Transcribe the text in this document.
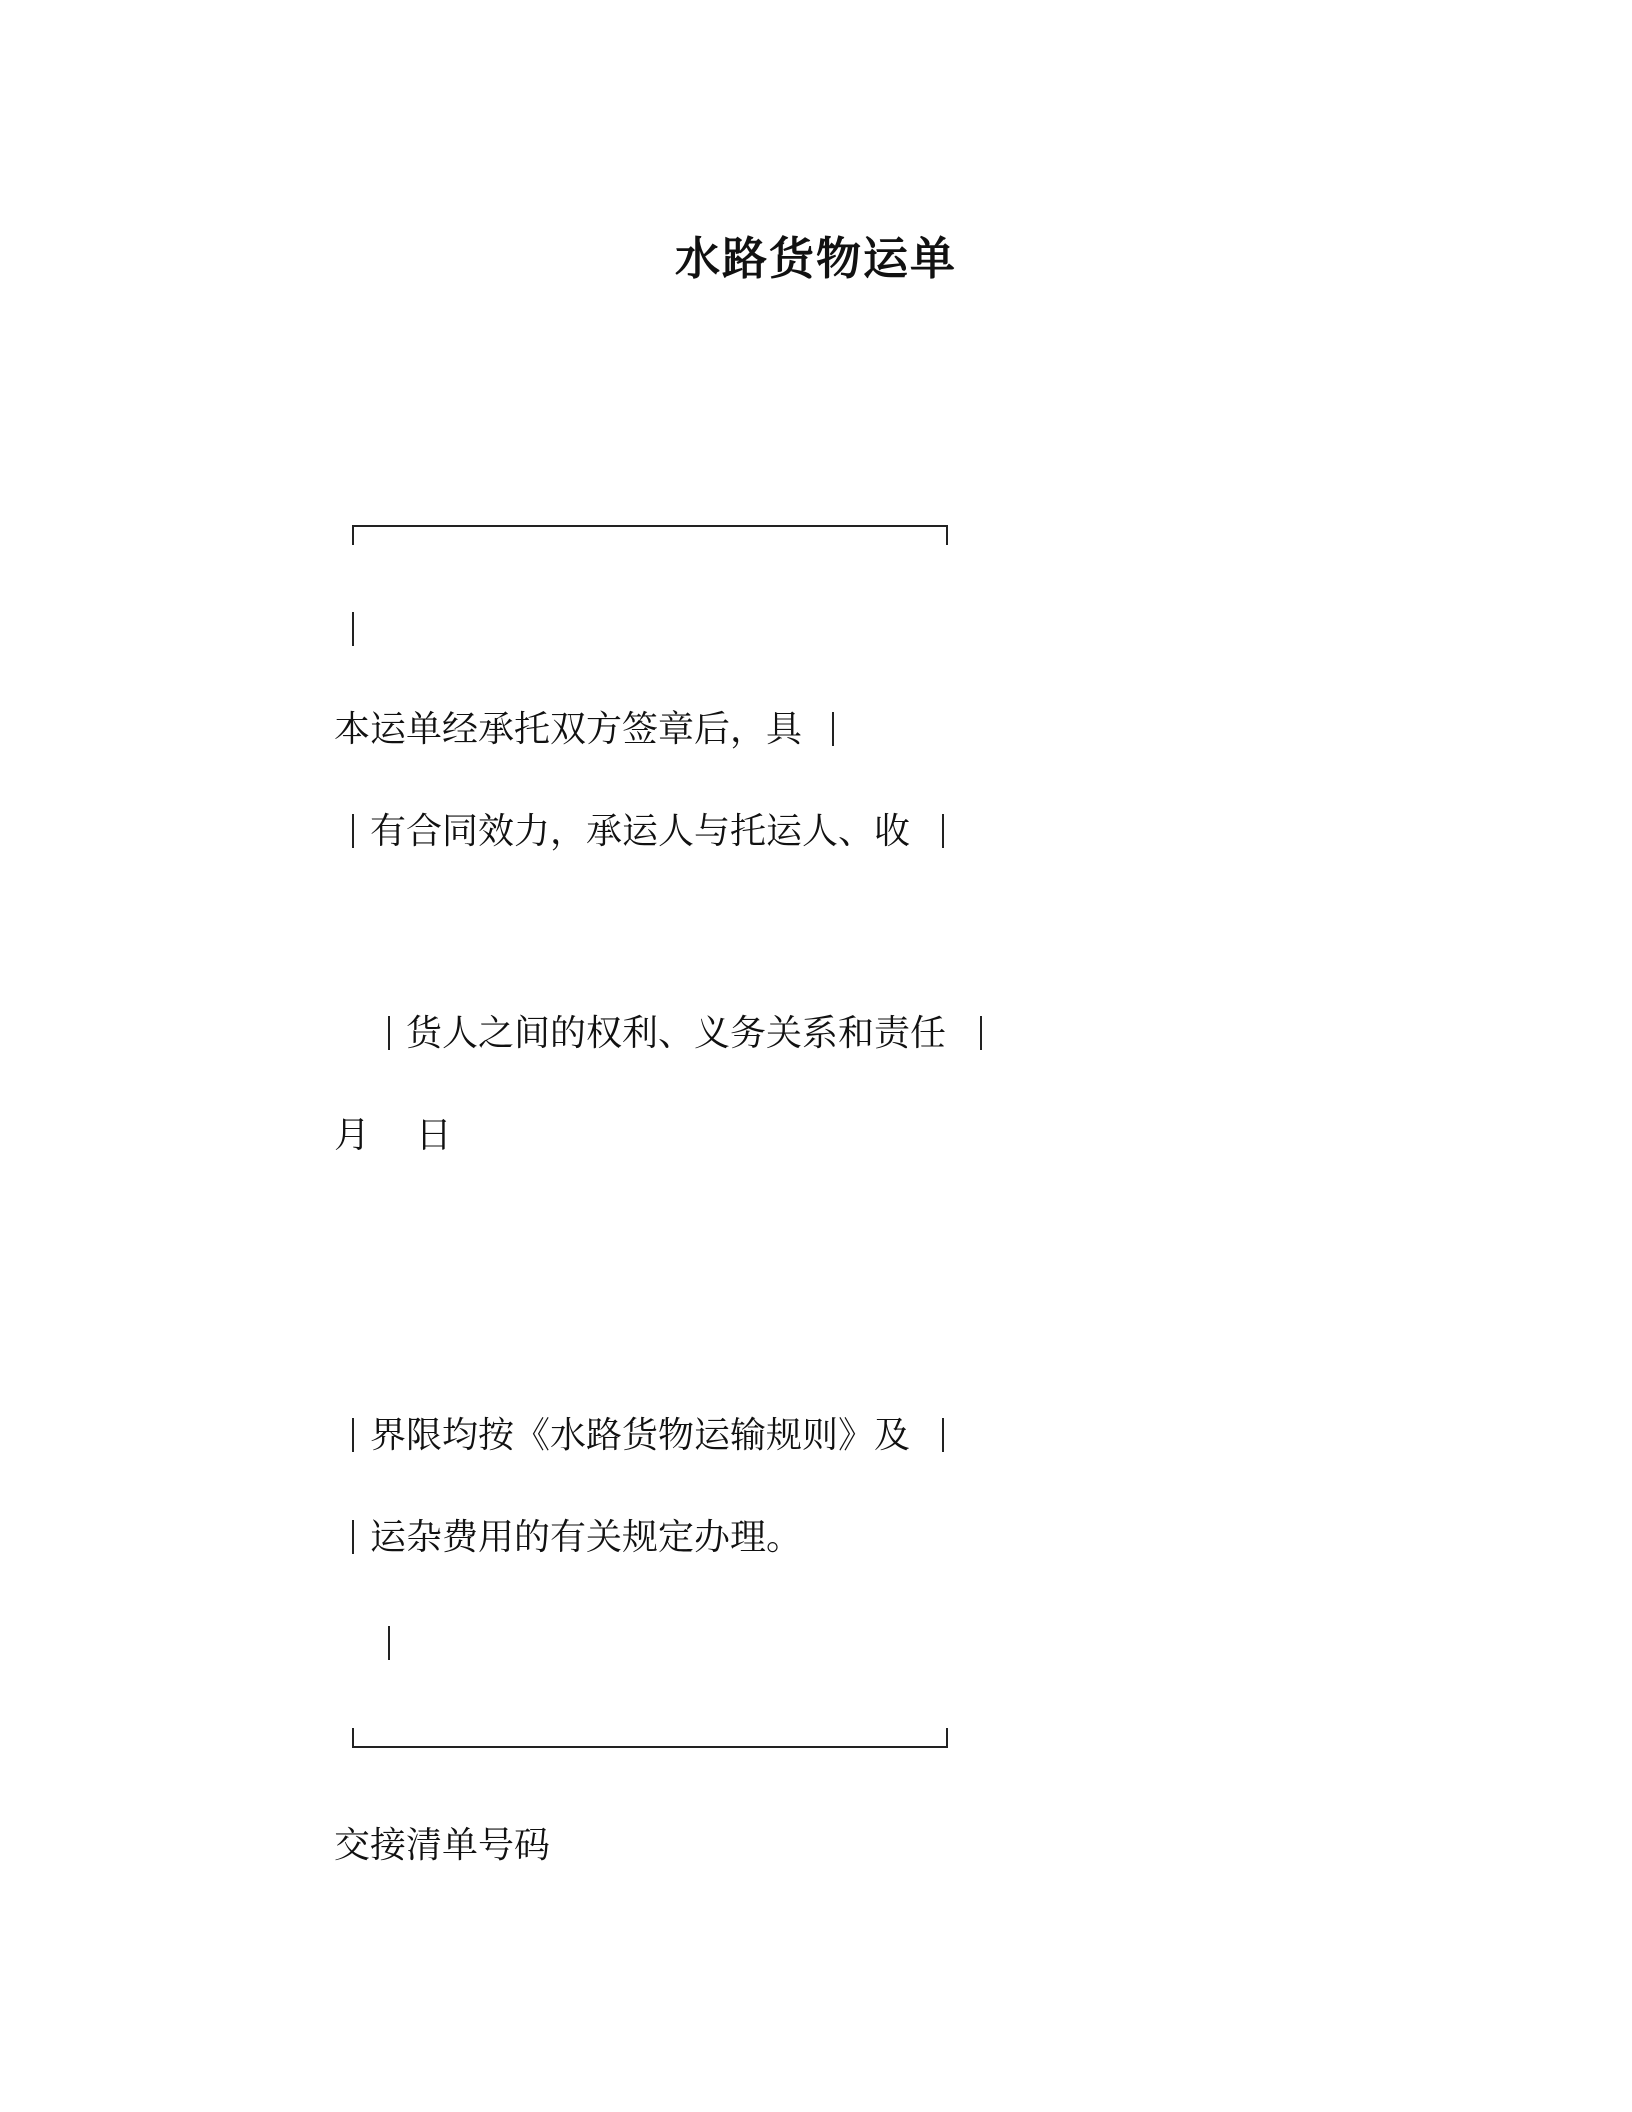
水路货物运单
本运单经承托双方签章后，具
有合同效力，承运人与托运人、收
货人之间的权利、义务关系和责任
月    日
界限均按《水路货物运输规则》及
运杂费用的有关规定办理。
交接清单号码
